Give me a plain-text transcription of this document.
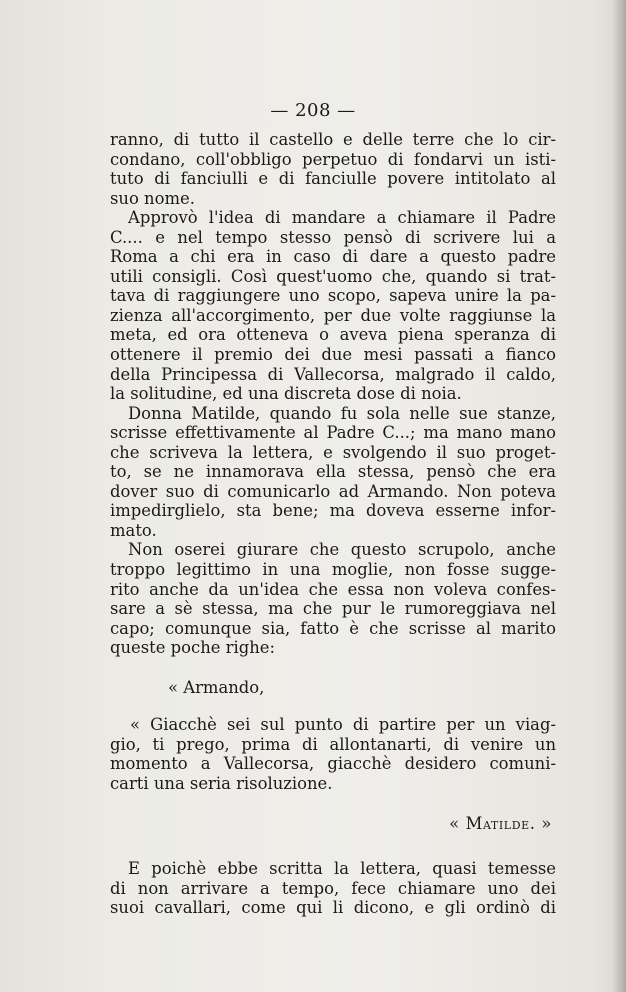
— 208 —
ranno, di tutto il castello e delle terre che lo cir-
condano, coll'obbligo perpetuo di fondarvi un isti-
tuto di fanciulli e di fanciulle povere intitolato al
suo nome.
Approvò l'idea di mandare a chiamare il Padre
C.... e nel tempo stesso pensò di scrivere lui a
Roma a chi era in caso di dare a questo padre
utili consigli. Così quest'uomo che, quando si trat-
tava di raggiungere uno scopo, sapeva unire la pa-
zienza all'accorgimento, per due volte raggiunse la
meta, ed ora otteneva o aveva piena speranza di
ottenere il premio dei due mesi passati a fianco
della Principessa di Vallecorsa, malgrado il caldo,
la solitudine, ed una discreta dose di noia.
Donna Matilde, quando fu sola nelle sue stanze,
scrisse effettivamente al Padre C...; ma mano mano
che scriveva la lettera, e svolgendo il suo proget-
to, se ne innamorava ella stessa, pensò che era
dover suo di comunicarlo ad Armando. Non poteva
impedirglielo, sta bene; ma doveva esserne infor-
mato.
Non oserei giurare che questo scrupolo, anche
troppo legittimo in una moglie, non fosse sugge-
rito anche da un'idea che essa non voleva confes-
sare a sè stessa, ma che pur le rumoreggiava nel
capo; comunque sia, fatto è che scrisse al marito
queste poche righe:
« Armando,
« Giacchè sei sul punto di partire per un viag-
gio, ti prego, prima di allontanarti, di venire un
momento a Vallecorsa, giacchè desidero comuni-
carti una seria risoluzione.
« Matilde. »
E poichè ebbe scritta la lettera, quasi temesse
di non arrivare a tempo, fece chiamare uno dei
suoi cavallari, come qui li dicono, e gli ordinò di
